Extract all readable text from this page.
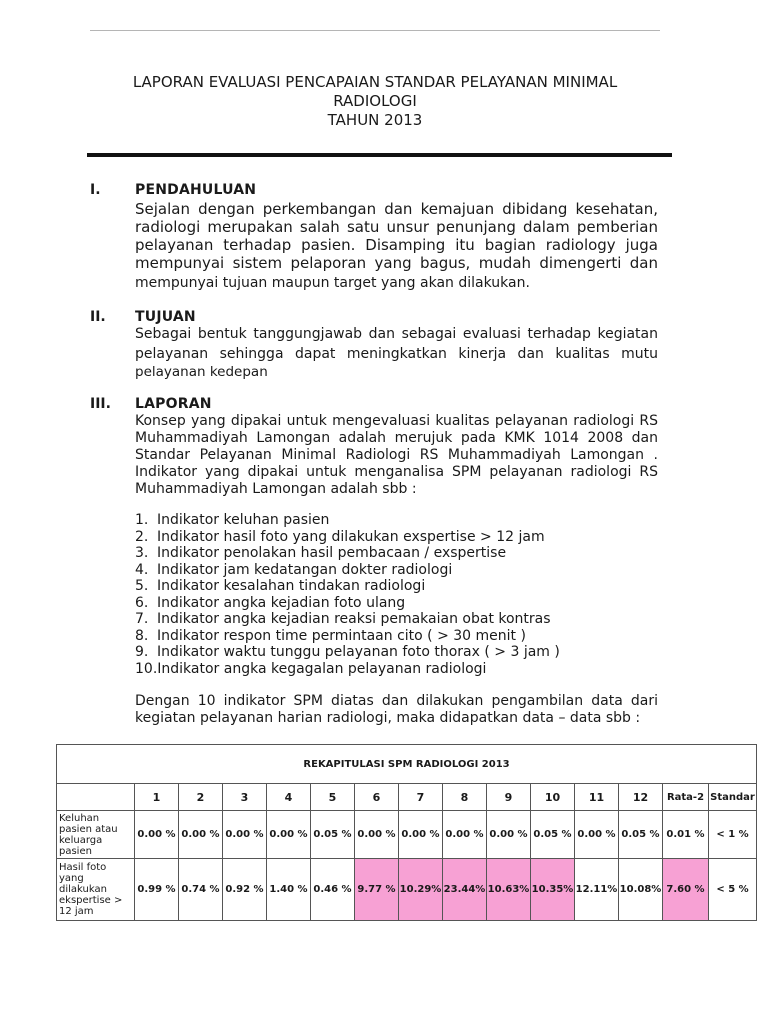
LAPORAN EVALUASI PENCAPAIAN STANDAR PELAYANAN MINIMAL
RADIOLOGI
TAHUN 2013
I. PENDAHULUAN
Sejalan dengan perkembangan dan kemajuan dibidang kesehatan,
radiologi merupakan salah satu unsur penunjang dalam pemberian
pelayanan terhadap pasien. Disamping itu bagian radiology juga
mempunyai sistem pelaporan yang bagus, mudah dimengerti dan
mempunyai tujuan maupun target yang akan dilakukan.
II. TUJUAN
Sebagai bentuk tanggungjawab dan sebagai evaluasi terhadap kegiatan
pelayanan sehingga dapat meningkatkan kinerja dan kualitas mutu
pelayanan kedepan
III. LAPORAN
Konsep yang dipakai untuk mengevaluasi kualitas pelayanan radiologi RS
Muhammadiyah Lamongan adalah merujuk pada KMK 1014 2008 dan
Standar Pelayanan Minimal Radiologi RS Muhammadiyah Lamongan .
Indikator yang dipakai untuk menganalisa SPM pelayanan radiologi RS
Muhammadiyah Lamongan adalah sbb :
1. Indikator keluhan pasien
2. Indikator hasil foto yang dilakukan exspertise > 12 jam
3. Indikator penolakan hasil pembacaan / exspertise
4. Indikator jam kedatangan dokter radiologi
5. Indikator kesalahan tindakan radiologi
6. Indikator angka kejadian foto ulang
7. Indikator angka kejadian reaksi pemakaian obat kontras
8. Indikator respon time permintaan cito ( > 30 menit )
9. Indikator waktu tunggu pelayanan foto thorax ( > 3 jam )
10.Indikator angka kegagalan pelayanan radiologi
Dengan 10 indikator SPM diatas dan dilakukan pengambilan data dari
kegiatan pelayanan harian radiologi, maka didapatkan data – data sbb :
REKAPITULASI SPM RADIOLOGI 2013														
	1	2	3	4	5	6	7	8	9	10	11	12	Rata-2	Standar
Keluhan pasien atau keluarga pasien	0.00 %	0.00 %	0.00 %	0.00 %	0.05 %	0.00 %	0.00 %	0.00 %	0.00 %	0.05 %	0.00 %	0.05 %	0.01 %	< 1 %
Hasil foto yang dilakukan ekspertise > 12 jam	0.99 %	0.74 %	0.92 %	1.40 %	0.46 %	9.77 %	10.29%	23.44%	10.63%	10.35%	12.11%	10.08%	7.60 %	< 5 %
